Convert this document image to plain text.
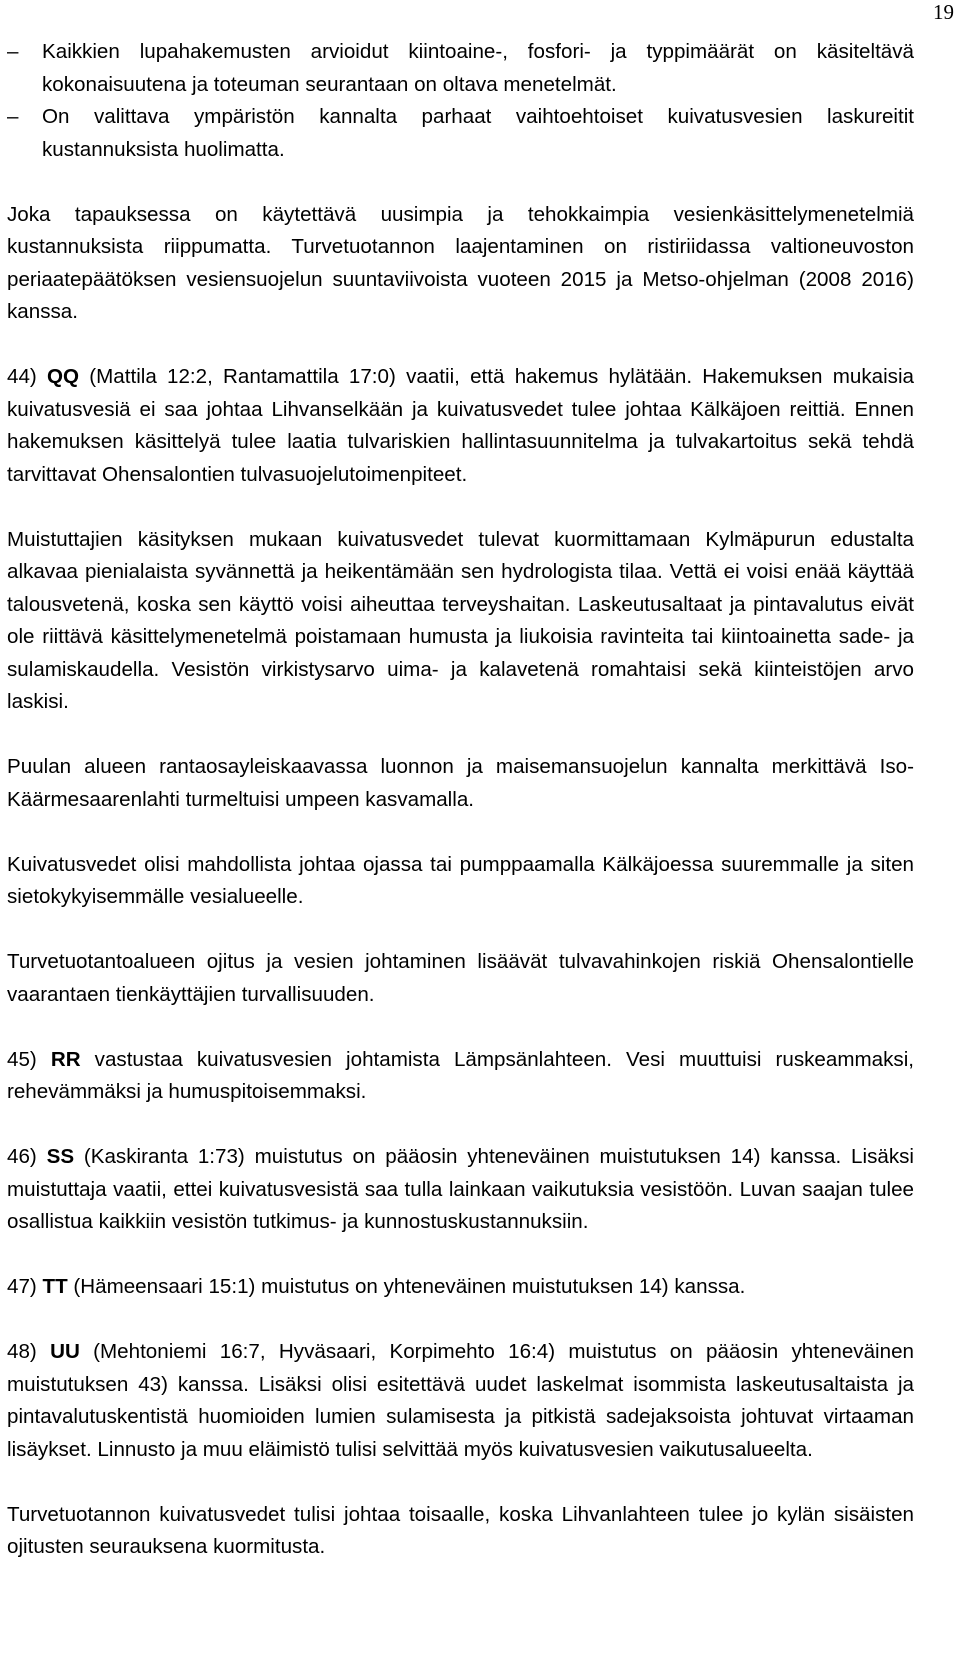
19
–	Kaikkien lupahakemusten arvioidut kiintoaine-, fosfori- ja typpimäärät on käsiteltävä kokonaisuutena ja toteuman seurantaan on oltava menetelmät.
–	On valittava ympäristön kannalta parhaat vaihtoehtoiset kuivatusvesien laskureitit kustannuksista huolimatta.

Joka tapauksessa on käytettävä uusimpia ja tehokkaimpia vesienkäsittelymenetelmiä kustannuksista riippumatta. Turvetuotannon laajentaminen on ristiriidassa valtioneuvoston periaatepäätöksen vesiensuojelun suuntaviivoista vuoteen 2015 ja Metso-ohjelman (2008 2016) kanssa.

44) QQ (Mattila 12:2, Rantamattila 17:0) vaatii, että hakemus hylätään. Hakemuksen mukaisia kuivatusvesiä ei saa johtaa Lihvanselkään ja kuivatusvedet tulee johtaa Kälkäjoen reittiä. Ennen hakemuksen käsittelyä tulee laatia tulvariskien hallintasuunnitelma ja tulvakartoitus sekä tehdä tarvittavat Ohensalontien tulvasuojelutoimenpiteet.

Muistuttajien käsityksen mukaan kuivatusvedet tulevat kuormittamaan Kylmäpurun edustalta alkavaa pienialaista syvännettä ja heikentämään sen hydrologista tilaa. Vettä ei voisi enää käyttää talousvetenä, koska sen käyttö voisi aiheuttaa terveyshaitan. Laskeutusaltaat ja pintavalutus eivät ole riittävä käsittelymenetelmä poistamaan humusta ja liukoisia ravinteita tai kiintoainetta sade- ja sulamiskaudella. Vesistön virkistysarvo uima- ja kalavetenä romahtaisi sekä kiinteistöjen arvo laskisi.

Puulan alueen rantaosayleiskaavassa luonnon ja maisemansuojelun kannalta merkittävä Iso-Käärmesaarenlahti turmeltuisi umpeen kasvamalla.

Kuivatusvedet olisi mahdollista johtaa ojassa tai pumppaamalla Kälkäjoessa suuremmalle ja siten sietokykyisemmälle vesialueelle.

Turvetuotantoalueen ojitus ja vesien johtaminen lisäävät tulvavahinkojen riskiä Ohensalontielle vaarantaen tienkäyttäjien turvallisuuden.

45) RR vastustaa kuivatusvesien johtamista Lämpsänlahteen. Vesi muuttuisi ruskeammaksi, rehevämmäksi ja humuspitoisemmaksi.

46) SS (Kaskiranta 1:73) muistutus on pääosin yhteneväinen muistutuksen 14) kanssa. Lisäksi muistuttaja vaatii, ettei kuivatusvesistä saa tulla lainkaan vaikutuksia vesistöön. Luvan saajan tulee osallistua kaikkiin vesistön tutkimus- ja kunnostuskustannuksiin.

47) TT (Hämeensaari 15:1) muistutus on yhteneväinen muistutuksen 14) kanssa.

48) UU (Mehtoniemi 16:7, Hyväsaari, Korpimehto 16:4) muistutus on pääosin yhteneväinen muistutuksen 43) kanssa. Lisäksi olisi esitettävä uudet laskelmat isommista laskeutusaltaista ja pintavalutuskentistä huomioiden lumien sulamisesta ja pitkistä sadejaksoista johtuvat virtaaman lisäykset. Linnusto ja muu eläimistö tulisi selvittää myös kuivatusvesien vaikutusalueelta.

Turvetuotannon kuivatusvedet tulisi johtaa toisaalle, koska Lihvanlahteen tulee jo kylän sisäisten ojitusten seurauksena kuormitusta.
